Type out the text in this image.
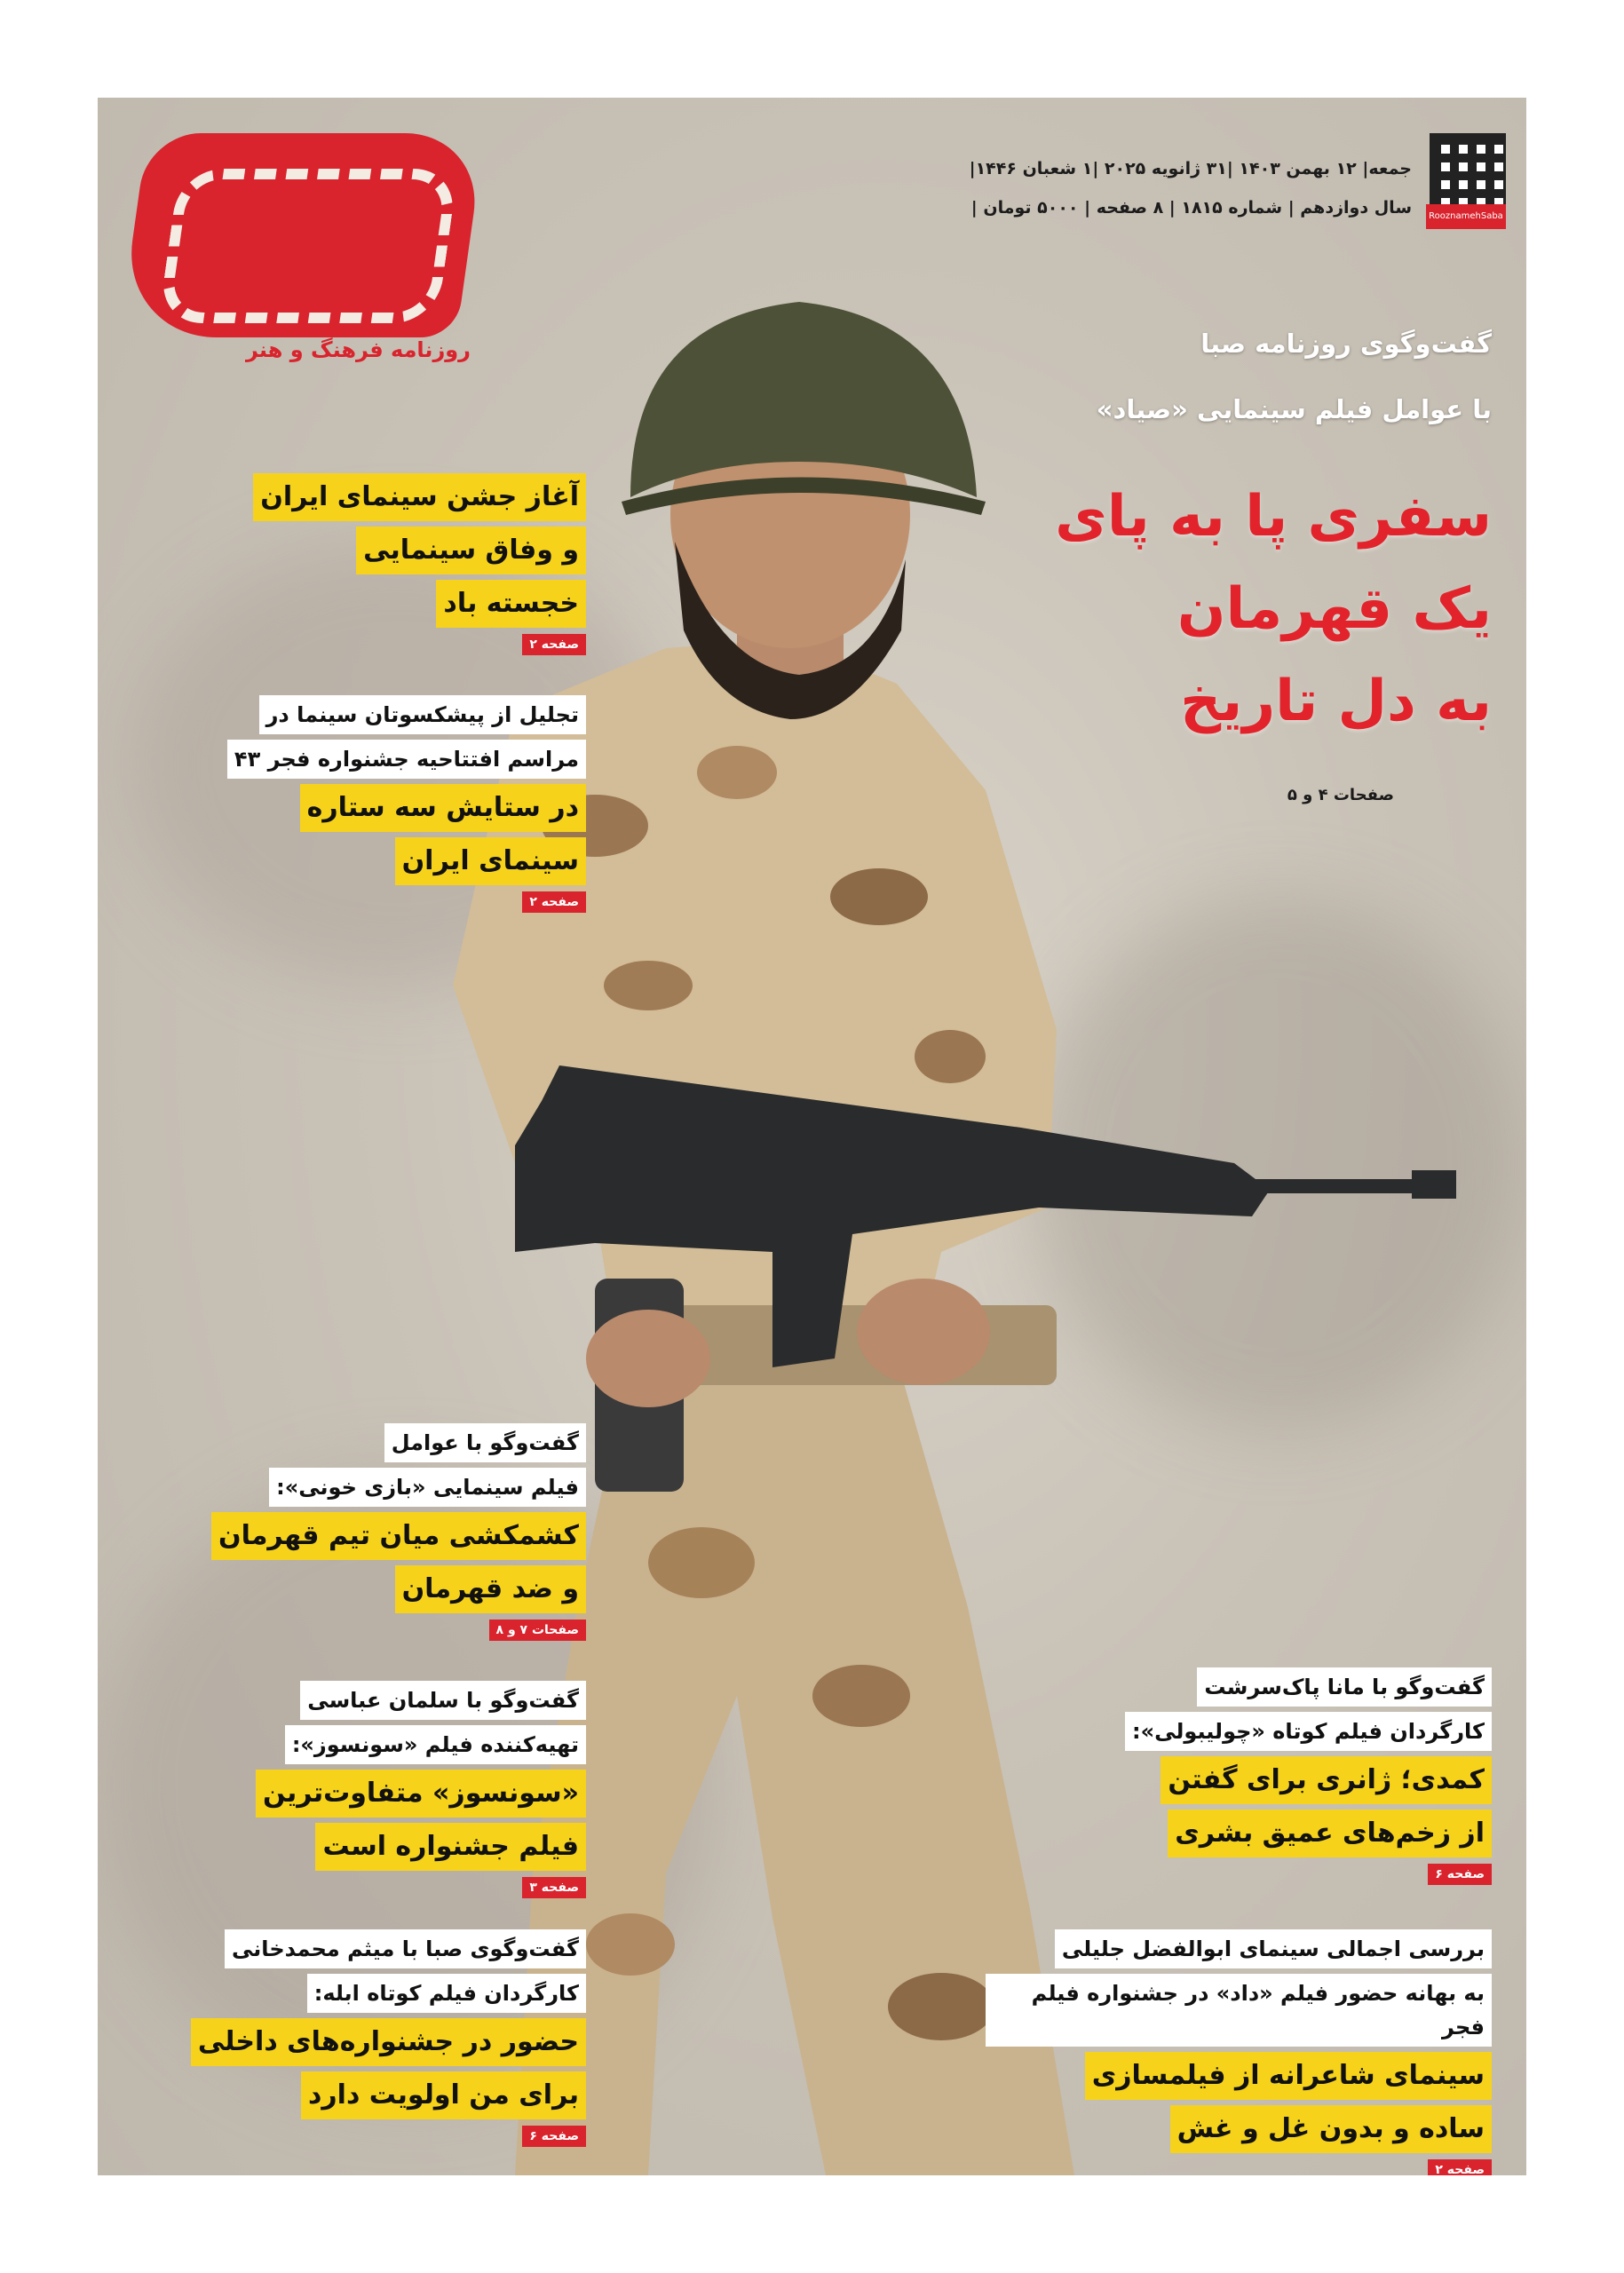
روزنامه فرهنگ و هنر
RooznamehSaba
جمعه| ۱۲ بهمن ۱۴۰۳ |۳۱ ژانویه ۲۰۲۵ |۱ شعبان ۱۴۴۶|
سال دوازدهم | شماره ۱۸۱۵ | ۸ صفحه | ۵۰۰۰ تومان |
گفت‌وگوی روزنامه صبا
با عوامل فیلم سینمایی «صیاد»
سفری پا به پای
یک قهرمان
به دل تاریخ
صفحات ۴ و ۵
آغاز جشن سینمای ایران
و وفاق سینمایی
خجسته باد
صفحه ۲
تجلیل از پیشکسوتان سینما در
مراسم افتتاحیه جشنواره فجر ۴۳
در ستایش سه ستاره
سینمای ایران
صفحه ۲
گفت‌وگو با عوامل
فیلم سینمایی «بازی خونی»:
کشمکشی میان تیم قهرمان
و ضد قهرمان
صفحات ۷ و ۸
گفت‌وگو با سلمان عباسی
تهیه‌کننده فیلم «سونسوز»:
«سونسوز» متفاوت‌ترین
فیلم جشنواره است
صفحه ۳
گفت‌وگوی صبا با میثم محمدخانی
کارگردان فیلم کوتاه ابله:
حضور در جشنواره‌های داخلی
برای من اولویت دارد
صفحه ۶
گفت‌وگو با مانا پاک‌سرشت
کارگردان فیلم کوتاه «چولیبولی»:
کمدی؛ ژانری برای گفتن
از زخم‌های عمیق بشری
صفحه ۶
بررسی اجمالی سینمای ابوالفضل جلیلی
به بهانه حضور فیلم «داد» در جشنواره فیلم فجر
سینمای شاعرانه از فیلمسازی
ساده و بدون غل و غش
صفحه ۲
